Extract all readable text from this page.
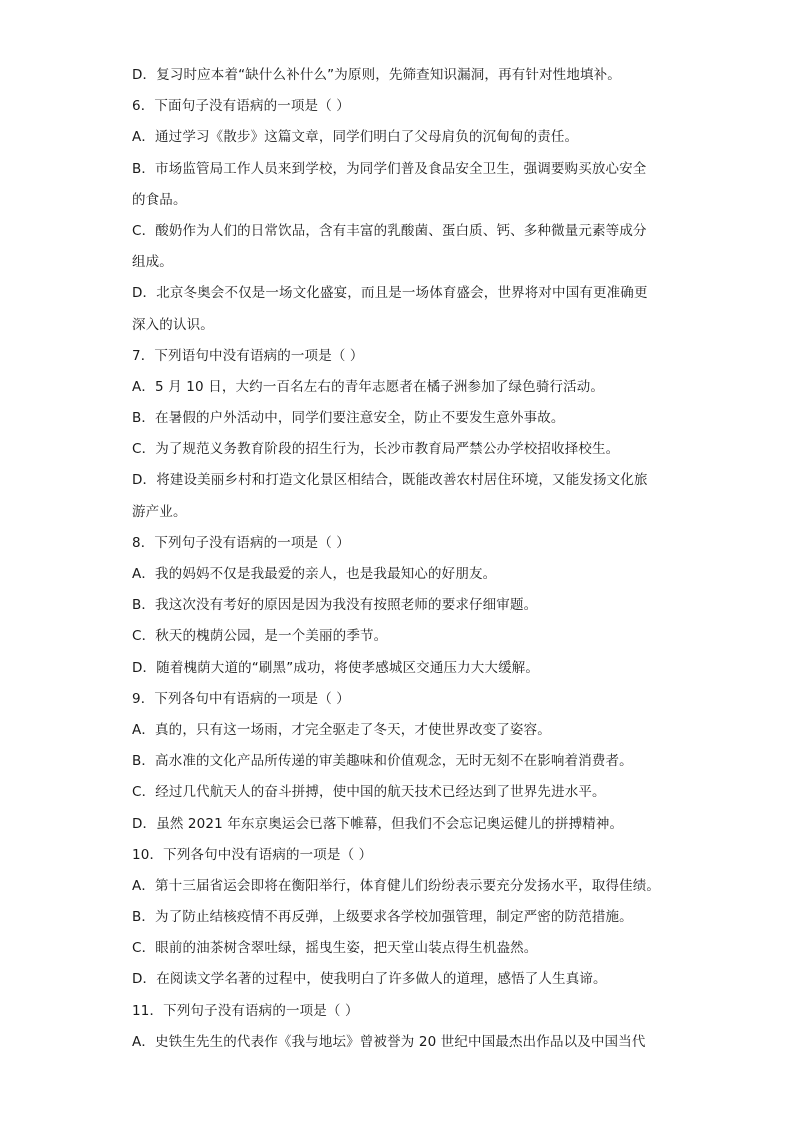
D．复习时应本着“缺什么补什么”为原则，先筛查知识漏洞，再有针对性地填补。
6．下面句子没有语病的一项是（ ）
A．通过学习《散步》这篇文章，同学们明白了父母肩负的沉甸甸的责任。
B．市场监管局工作人员来到学校，为同学们普及食品安全卫生，强调要购买放心安全
的食品。
C．酸奶作为人们的日常饮品，含有丰富的乳酸菌、蛋白质、钙、多种微量元素等成分
组成。
D．北京冬奥会不仅是一场文化盛宴，而且是一场体育盛会，世界将对中国有更准确更
深入的认识。
7．下列语句中没有语病的一项是（ ）
A．5 月 10 日，大约一百名左右的青年志愿者在橘子洲参加了绿色骑行活动。
B．在暑假的户外活动中，同学们要注意安全，防止不要发生意外事故。
C．为了规范义务教育阶段的招生行为，长沙市教育局严禁公办学校招收择校生。
D．将建设美丽乡村和打造文化景区相结合，既能改善农村居住环境，又能发扬文化旅
游产业。
8．下列句子没有语病的一项是（ ）
A．我的妈妈不仅是我最爱的亲人，也是我最知心的好朋友。
B．我这次没有考好的原因是因为我没有按照老师的要求仔细审题。
C．秋天的槐荫公园，是一个美丽的季节。
D．随着槐荫大道的“刷黑”成功，将使孝感城区交通压力大大缓解。
9．下列各句中有语病的一项是（ ）
A．真的，只有这一场雨，才完全驱走了冬天，才使世界改变了姿容。
B．高水准的文化产品所传递的审美趣味和价值观念，无时无刻不在影响着消费者。
C．经过几代航天人的奋斗拼搏，使中国的航天技术已经达到了世界先进水平。
D．虽然 2021 年东京奥运会已落下帷幕，但我们不会忘记奥运健儿的拼搏精神。
10．下列各句中没有语病的一项是（ ）
A．第十三届省运会即将在衡阳举行，体育健儿们纷纷表示要充分发扬水平，取得佳绩。
B．为了防止结核疫情不再反弹，上级要求各学校加强管理，制定严密的防范措施。
C．眼前的油茶树含翠吐绿，摇曳生姿，把天堂山装点得生机盎然。
D．在阅读文学名著的过程中，使我明白了许多做人的道理，感悟了人生真谛。
11．下列句子没有语病的一项是（ ）
A．史铁生先生的代表作《我与地坛》曾被誉为 20 世纪中国最杰出作品以及中国当代
